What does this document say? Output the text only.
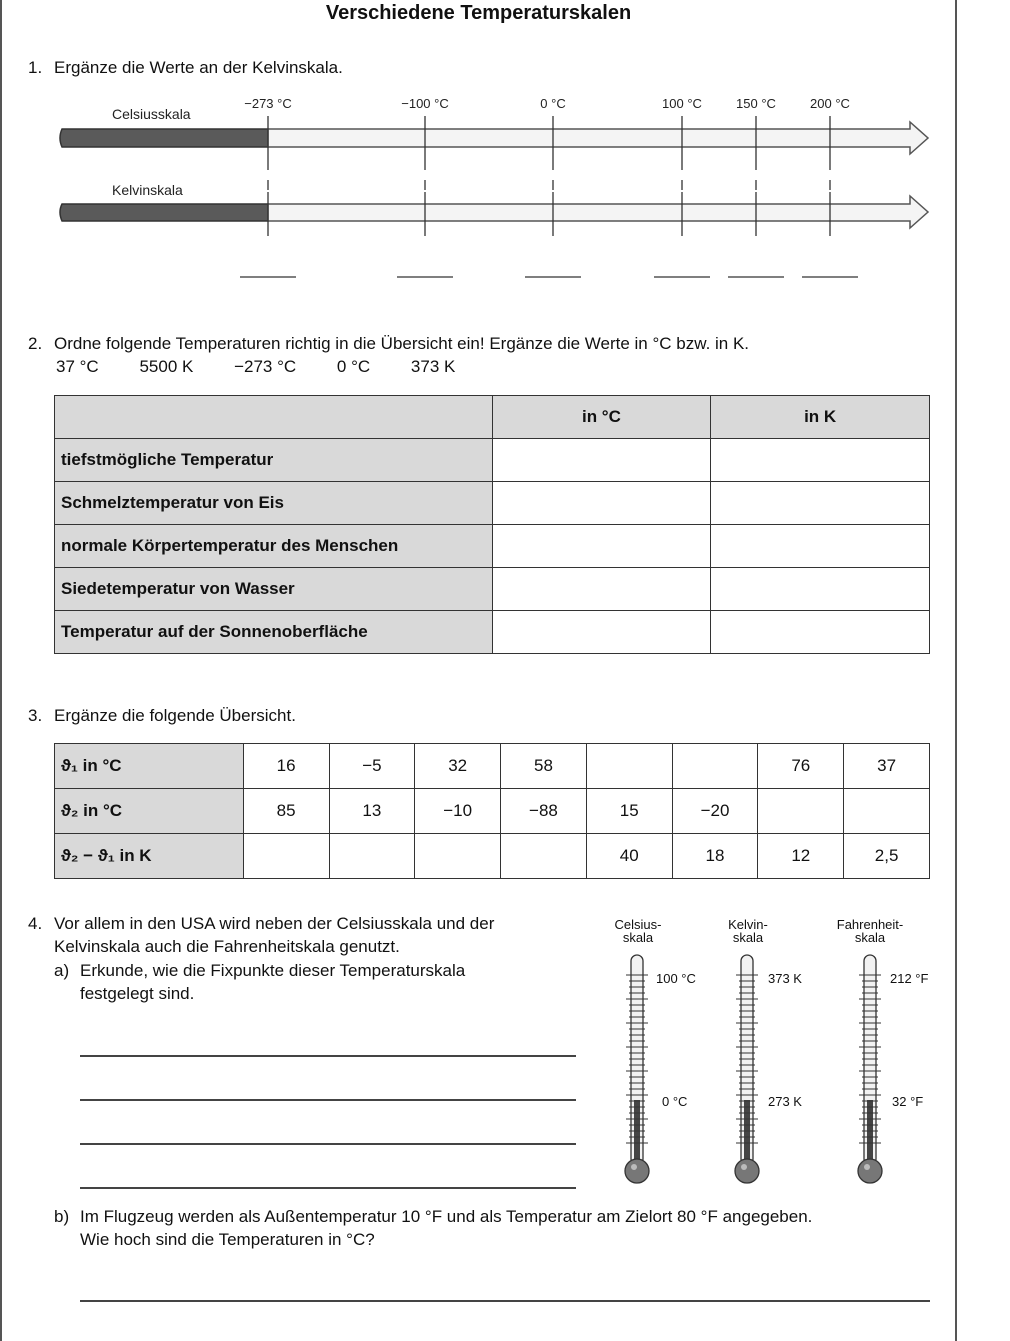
Verschiedene Temperaturskalen
1. Ergänze die Werte an der Kelvinskala.
Celsiusskala
Kelvinskala
−273 °C	−100 °C	0 °C	100 °C	150 °C	200 °C
2. Ordne folgende Temperaturen richtig in die Übersicht ein! Ergänze die Werte in °C bzw. in K.
37 °C 5500 K −273 °C 0 °C 373 K
	in °C	in K
tiefstmögliche Temperatur		
Schmelztemperatur von Eis		
normale Körpertemperatur des Menschen		
Siedetemperatur von Wasser		
Temperatur auf der Sonnenoberfläche		
3. Ergänze die folgende Übersicht.
ϑ₁ in °C	16	−5	32	58			76	37
ϑ₂ in °C	85	13	−10	−88	15	−20		
ϑ₂ − ϑ₁ in K					40	18	12	2,5
4. Vor allem in den USA wird neben der Celsiusskala und der
Kelvinskala auch die Fahrenheitskala genutzt.
a) Erkunde, wie die Fixpunkte dieser Temperaturskala
festgelegt sind.
Celsius-
skala
Kelvin-
skala
Fahrenheit-
skala
100 °C
0 °C
373 K
273 K
212 °F
32 °F
b) Im Flugzeug werden als Außentemperatur 10 °F und als Temperatur am Zielort 80 °F angegeben.
Wie hoch sind die Temperaturen in °C?
